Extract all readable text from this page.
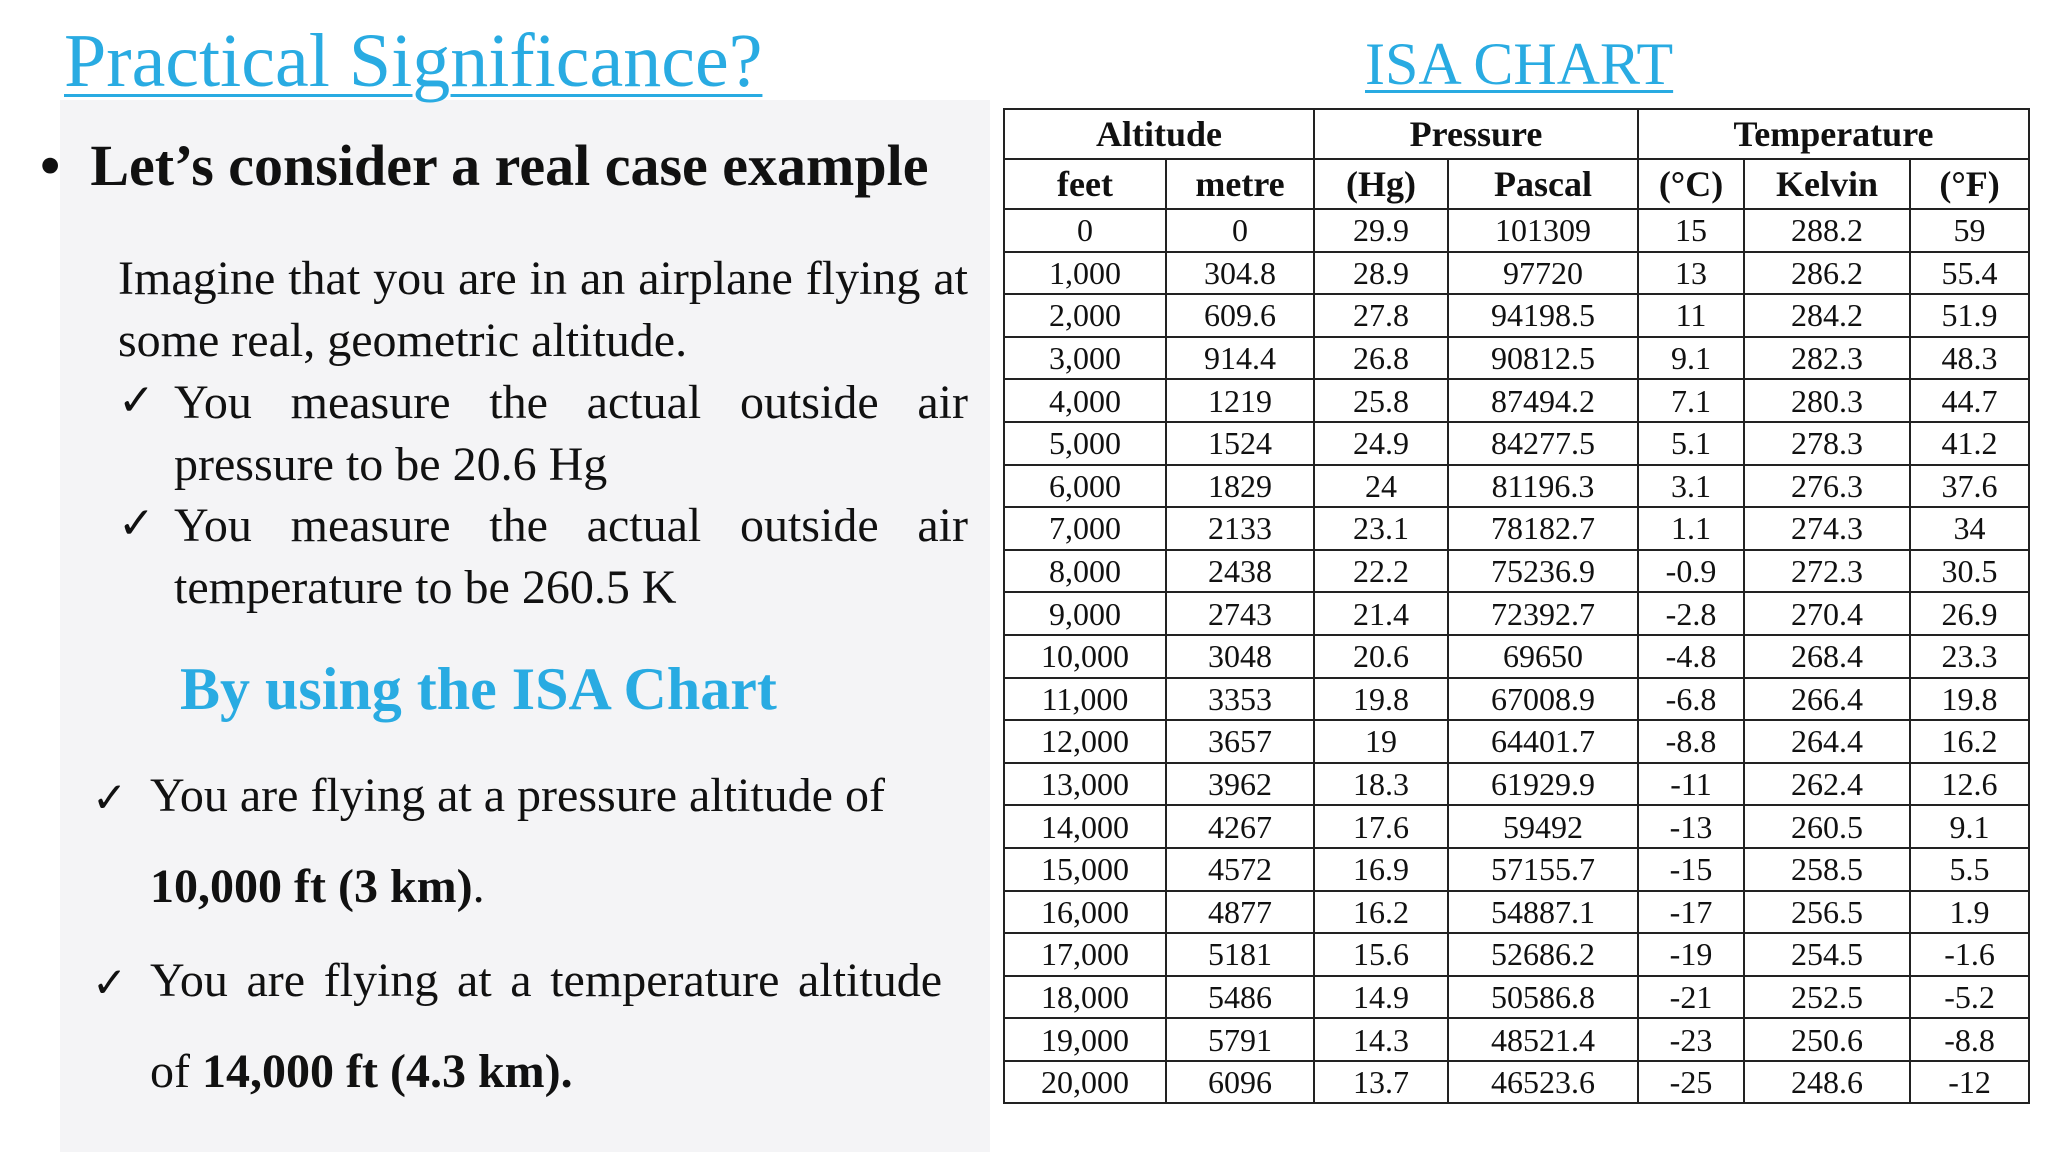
Practical Significance?
• Let’s consider a real case example
Imagine that you are in an airplane flying at some real, geometric altitude.
✓ You measure the actual outside air pressure to be 20.6 Hg
✓ You measure the actual outside air temperature to be 260.5 K
By using the ISA Chart
✓ You are flying at a pressure altitude of
10,000 ft (3 km).
✓ You are flying at a temperature altitude of 14,000 ft (4.3 km).
ISA CHART
Altitude		Pressure		Temperature		
feet	metre	(Hg)	Pascal	(°C)	Kelvin	(°F)
0	0	29.9	101309	15	288.2	59
1,000	304.8	28.9	97720	13	286.2	55.4
2,000	609.6	27.8	94198.5	11	284.2	51.9
3,000	914.4	26.8	90812.5	9.1	282.3	48.3
4,000	1219	25.8	87494.2	7.1	280.3	44.7
5,000	1524	24.9	84277.5	5.1	278.3	41.2
6,000	1829	24	81196.3	3.1	276.3	37.6
7,000	2133	23.1	78182.7	1.1	274.3	34
8,000	2438	22.2	75236.9	-0.9	272.3	30.5
9,000	2743	21.4	72392.7	-2.8	270.4	26.9
10,000	3048	20.6	69650	-4.8	268.4	23.3
11,000	3353	19.8	67008.9	-6.8	266.4	19.8
12,000	3657	19	64401.7	-8.8	264.4	16.2
13,000	3962	18.3	61929.9	-11	262.4	12.6
14,000	4267	17.6	59492	-13	260.5	9.1
15,000	4572	16.9	57155.7	-15	258.5	5.5
16,000	4877	16.2	54887.1	-17	256.5	1.9
17,000	5181	15.6	52686.2	-19	254.5	-1.6
18,000	5486	14.9	50586.8	-21	252.5	-5.2
19,000	5791	14.3	48521.4	-23	250.6	-8.8
20,000	6096	13.7	46523.6	-25	248.6	-12
